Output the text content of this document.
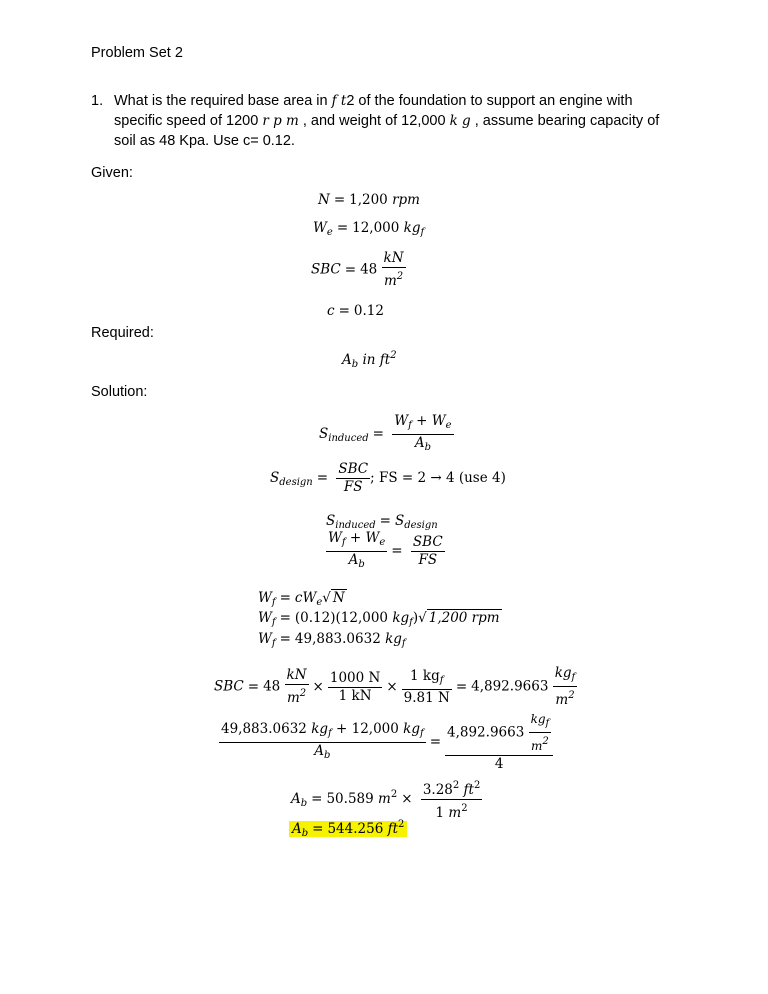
Problem Set 2
1. What is the required base area in f t2 of the foundation to support an engine with
specific speed of 1200 r p m , and weight of 12,000 k g , assume bearing capacity of
soil as 48 Kpa. Use c= 0.12.
Given:
N = 1,200 rpm
$W_e = 12,000$ $kg_f$
SBC = $48 \frac{kN}{m^2}$
c = 0.12
Required:
$A_b$ in $ft^2$
Solution:
$S_{induced} = \frac{W_f + W_e}{A_b}$
$S_{design} = \frac{\text{SBC}}{FS}$ ; FS = 2 → 4 (use 4)
$S_{induced} = S_{design}$
$\frac{W_f + W_e}{A_b} = \frac{\text{SBC}}{FS}$
$W_f = cW_e√$ N
$W_f = (0.12)(12,000$ $kg_f)√$ 1,200 rpm
$W_f = 49,883.0632$ $kg_f$
SBC = $48 \frac{kN}{m^2} \times \frac{1000 N}{1 kN} \times \frac{1 kg_f}{9.81 N} = 4,892.9663 \frac{kg_f}{m^2}$
$\frac{49,883.0632 kg_f + 12,000 kg_f}{A_b} = \frac{4,892.9663 \frac{kg_f}{m^2}}{4}$
$A_b = 50.589$ $m^2 \times \frac{3.28^2 ft^2}{1 m^2}$
$A_b = 544.256$ $ft^2$
